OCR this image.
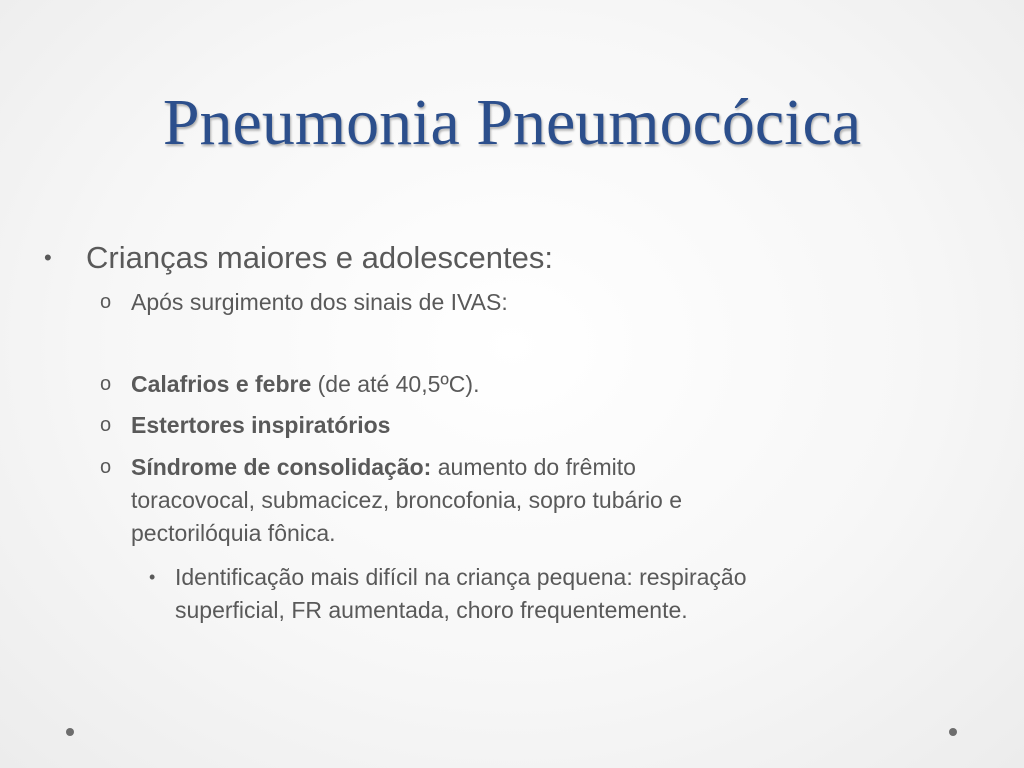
Pneumonia Pneumocócica
• Crianças maiores e adolescentes:
o Após surgimento dos sinais de IVAS:
o Calafrios e febre (de até 40,5ºC).
o Estertores inspiratórios
o Síndrome de consolidação: aumento do frêmito
toracovocal, submacicez, broncofonia, sopro tubário e
pectorilóquia fônica.
• Identificação mais difícil na criança pequena: respiração
superficial, FR aumentada, choro frequentemente.
